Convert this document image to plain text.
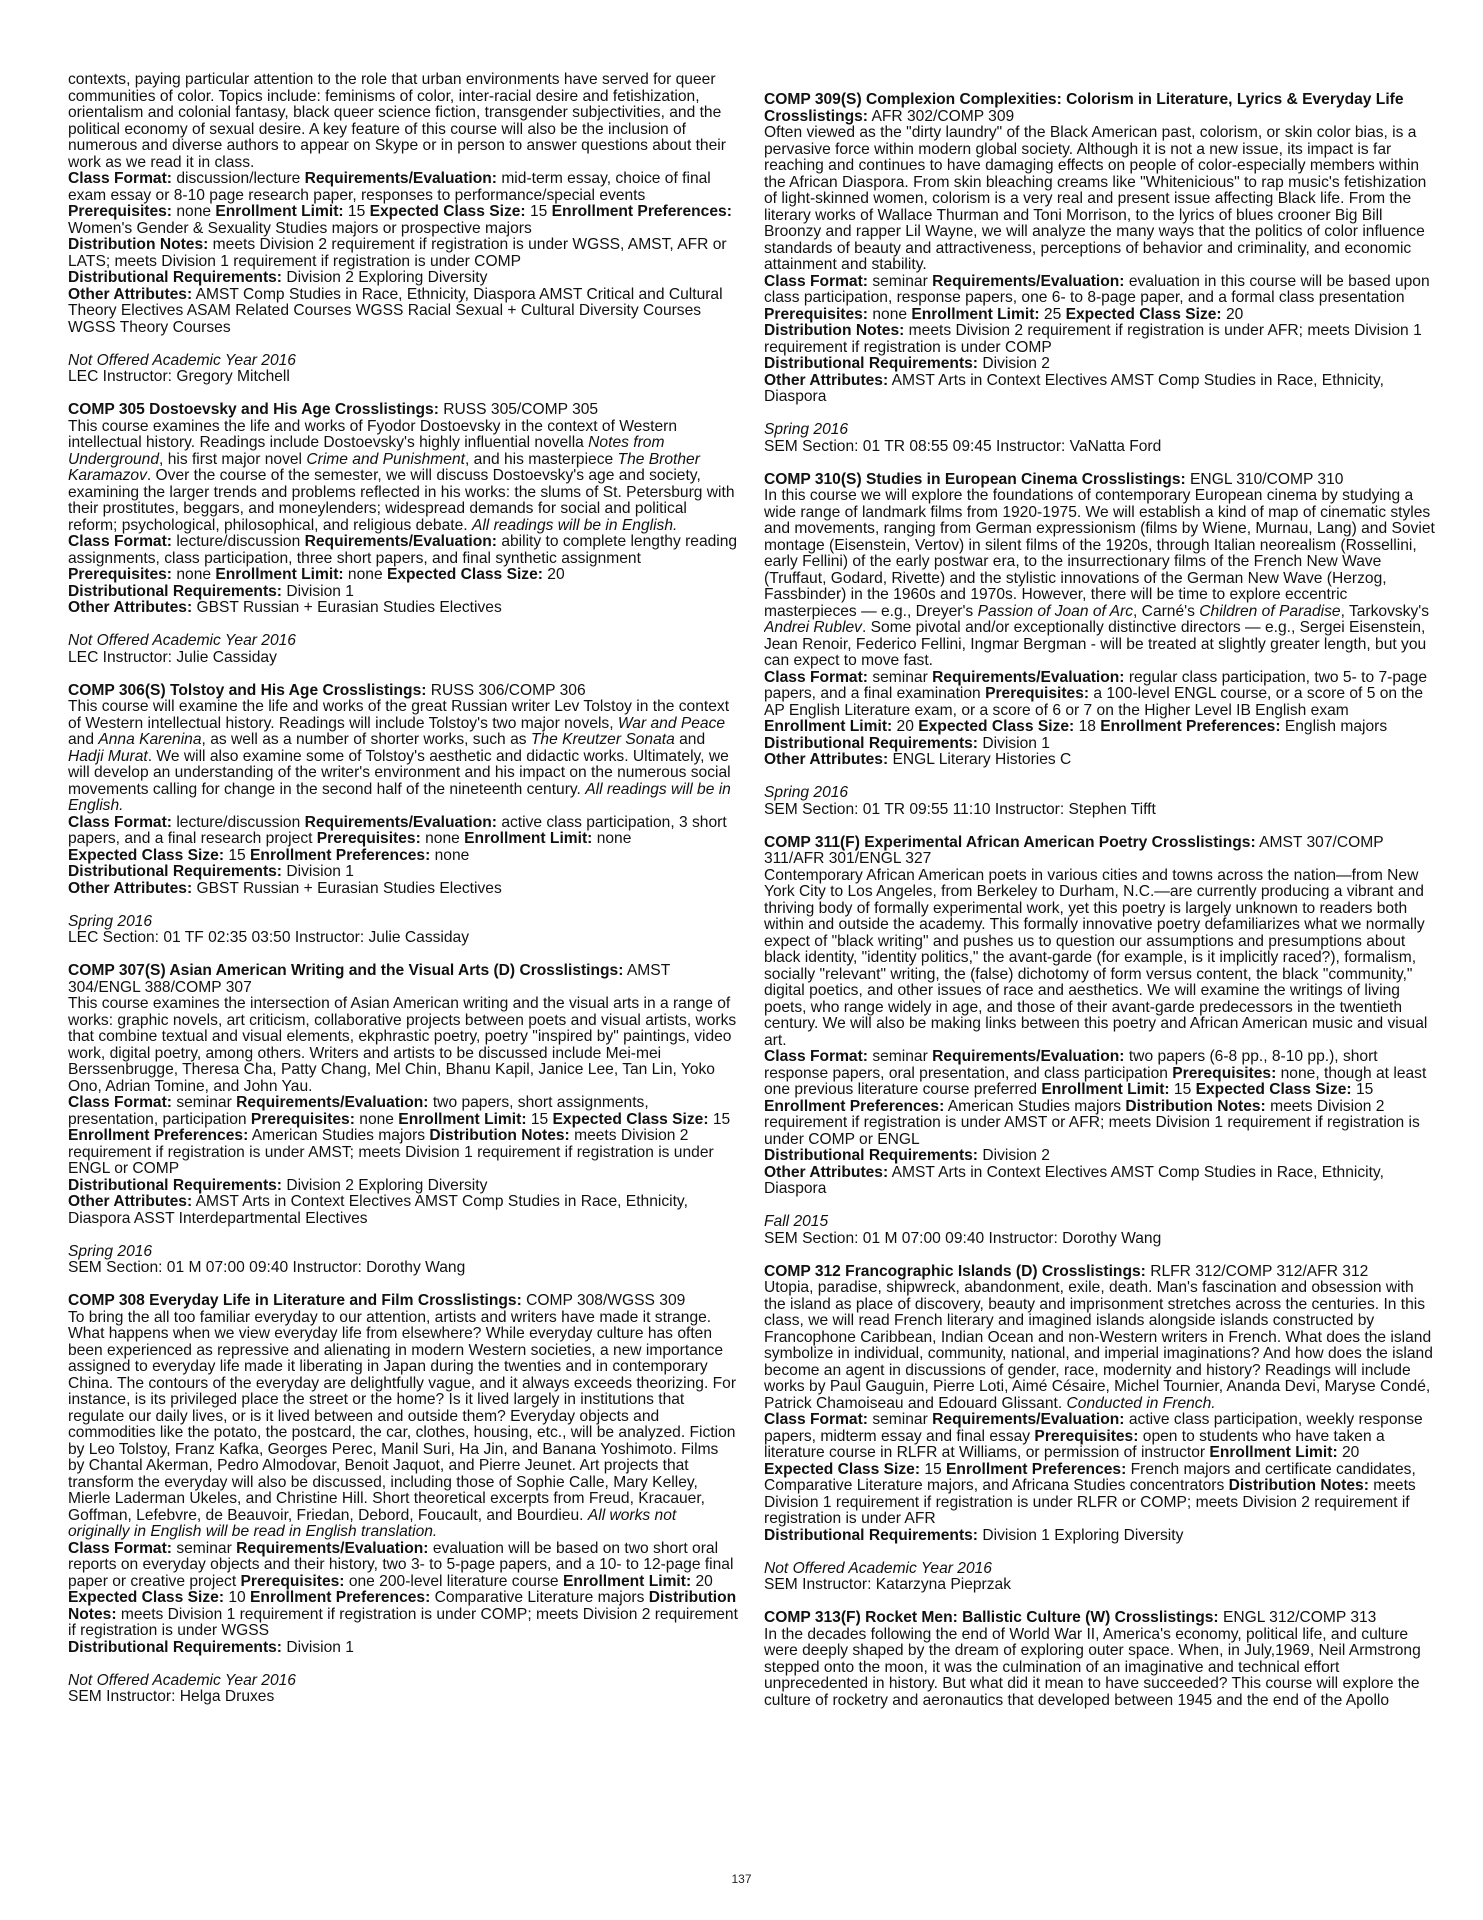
contexts, paying particular attention to the role that urban environments have served for queer communities of color. Topics include: feminisms of color, inter-racial desire and fetishization, orientalism and colonial fantasy, black queer science fiction, transgender subjectivities, and the political economy of sexual desire. A key feature of this course will also be the inclusion of numerous and diverse authors to appear on Skype or in person to answer questions about their work as we read it in class.
Class Format: discussion/lecture Requirements/Evaluation: mid-term essay, choice of final exam essay or 8-10 page research paper, responses to performance/special events
Prerequisites: none Enrollment Limit: 15 Expected Class Size: 15 Enrollment Preferences: Women's Gender & Sexuality Studies majors or prospective majors
Distribution Notes: meets Division 2 requirement if registration is under WGSS, AMST, AFR or LATS; meets Division 1 requirement if registration is under COMP
Distributional Requirements: Division 2 Exploring Diversity
Other Attributes: AMST Comp Studies in Race, Ethnicity, Diaspora AMST Critical and Cultural Theory Electives ASAM Related Courses WGSS Racial Sexual + Cultural Diversity Courses WGSS Theory Courses

Not Offered Academic Year 2016
LEC Instructor: Gregory Mitchell

COMP 305 Dostoevsky and His Age Crosslistings: RUSS 305/COMP 305
This course examines the life and works of Fyodor Dostoevsky in the context of Western intellectual history. Readings include Dostoevsky's highly influential novella Notes from Underground, his first major novel Crime and Punishment, and his masterpiece The Brother Karamazov. Over the course of the semester, we will discuss Dostoevsky's age and society, examining the larger trends and problems reflected in his works: the slums of St. Petersburg with their prostitutes, beggars, and moneylenders; widespread demands for social and political reform; psychological, philosophical, and religious debate. All readings will be in English.
Class Format: lecture/discussion Requirements/Evaluation: ability to complete lengthy reading assignments, class participation, three short papers, and final synthetic assignment
Prerequisites: none Enrollment Limit: none Expected Class Size: 20
Distributional Requirements: Division 1
Other Attributes: GBST Russian + Eurasian Studies Electives

Not Offered Academic Year 2016
LEC Instructor: Julie Cassiday

COMP 306(S) Tolstoy and His Age Crosslistings: RUSS 306/COMP 306
This course will examine the life and works of the great Russian writer Lev Tolstoy in the context of Western intellectual history. Readings will include Tolstoy's two major novels, War and Peace and Anna Karenina, as well as a number of shorter works, such as The Kreutzer Sonata and Hadji Murat. We will also examine some of Tolstoy's aesthetic and didactic works. Ultimately, we will develop an understanding of the writer's environment and his impact on the numerous social movements calling for change in the second half of the nineteenth century. All readings will be in English.
Class Format: lecture/discussion Requirements/Evaluation: active class participation, 3 short papers, and a final research project Prerequisites: none Enrollment Limit: none
Expected Class Size: 15 Enrollment Preferences: none
Distributional Requirements: Division 1
Other Attributes: GBST Russian + Eurasian Studies Electives

Spring 2016
LEC Section: 01 TF 02:35 03:50 Instructor: Julie Cassiday

COMP 307(S) Asian American Writing and the Visual Arts (D) Crosslistings: AMST 304/ENGL 388/COMP 307
This course examines the intersection of Asian American writing and the visual arts in a range of works: graphic novels, art criticism, collaborative projects between poets and visual artists, works that combine textual and visual elements, ekphrastic poetry, poetry "inspired by" paintings, video work, digital poetry, among others. Writers and artists to be discussed include Mei-mei Berssenbrugge, Theresa Cha, Patty Chang, Mel Chin, Bhanu Kapil, Janice Lee, Tan Lin, Yoko Ono, Adrian Tomine, and John Yau.
Class Format: seminar Requirements/Evaluation: two papers, short assignments, presentation, participation Prerequisites: none Enrollment Limit: 15 Expected Class Size: 15 Enrollment Preferences: American Studies majors Distribution Notes: meets Division 2 requirement if registration is under AMST; meets Division 1 requirement if registration is under ENGL or COMP
Distributional Requirements: Division 2 Exploring Diversity
Other Attributes: AMST Arts in Context Electives AMST Comp Studies in Race, Ethnicity, Diaspora ASST Interdepartmental Electives

Spring 2016
SEM Section: 01 M 07:00 09:40 Instructor: Dorothy Wang

COMP 308 Everyday Life in Literature and Film Crosslistings: COMP 308/WGSS 309
To bring the all too familiar everyday to our attention, artists and writers have made it strange. What happens when we view everyday life from elsewhere? While everyday culture has often been experienced as repressive and alienating in modern Western societies, a new importance assigned to everyday life made it liberating in Japan during the twenties and in contemporary China. The contours of the everyday are delightfully vague, and it always exceeds theorizing. For instance, is its privileged place the street or the home? Is it lived largely in institutions that regulate our daily lives, or is it lived between and outside them? Everyday objects and commodities like the potato, the postcard, the car, clothes, housing, etc., will be analyzed. Fiction by Leo Tolstoy, Franz Kafka, Georges Perec, Manil Suri, Ha Jin, and Banana Yoshimoto. Films by Chantal Akerman, Pedro Almodovar, Benoit Jaquot, and Pierre Jeunet. Art projects that transform the everyday will also be discussed, including those of Sophie Calle, Mary Kelley, Mierle Laderman Ukeles, and Christine Hill. Short theoretical excerpts from Freud, Kracauer, Goffman, Lefebvre, de Beauvoir, Friedan, Debord, Foucault, and Bourdieu. All works not originally in English will be read in English translation.
Class Format: seminar Requirements/Evaluation: evaluation will be based on two short oral reports on everyday objects and their history, two 3- to 5-page papers, and a 10- to 12-page final paper or creative project Prerequisites: one 200-level literature course Enrollment Limit: 20 Expected Class Size: 10 Enrollment Preferences: Comparative Literature majors Distribution Notes: meets Division 1 requirement if registration is under COMP; meets Division 2 requirement if registration is under WGSS
Distributional Requirements: Division 1

Not Offered Academic Year 2016
SEM Instructor: Helga Druxes

COMP 309(S) Complexion Complexities: Colorism in Literature, Lyrics & Everyday Life
Crosslistings: AFR 302/COMP 309
Often viewed as the "dirty laundry" of the Black American past, colorism, or skin color bias, is a pervasive force within modern global society. Although it is not a new issue, its impact is far reaching and continues to have damaging effects on people of color-especially members within the African Diaspora. From skin bleaching creams like "Whitenicious" to rap music's fetishization of light-skinned women, colorism is a very real and present issue affecting Black life. From the literary works of Wallace Thurman and Toni Morrison, to the lyrics of blues crooner Big Bill Broonzy and rapper Lil Wayne, we will analyze the many ways that the politics of color influence standards of beauty and attractiveness, perceptions of behavior and criminality, and economic attainment and stability.
Class Format: seminar Requirements/Evaluation: evaluation in this course will be based upon class participation, response papers, one 6- to 8-page paper, and a formal class presentation Prerequisites: none Enrollment Limit: 25 Expected Class Size: 20
Distribution Notes: meets Division 2 requirement if registration is under AFR; meets Division 1 requirement if registration is under COMP
Distributional Requirements: Division 2
Other Attributes: AMST Arts in Context Electives AMST Comp Studies in Race, Ethnicity, Diaspora

Spring 2016
SEM Section: 01 TR 08:55 09:45 Instructor: VaNatta Ford

COMP 310(S) Studies in European Cinema Crosslistings: ENGL 310/COMP 310
In this course we will explore the foundations of contemporary European cinema by studying a wide range of landmark films from 1920-1975. We will establish a kind of map of cinematic styles and movements, ranging from German expressionism (films by Wiene, Murnau, Lang) and Soviet montage (Eisenstein, Vertov) in silent films of the 1920s, through Italian neorealism (Rossellini, early Fellini) of the early postwar era, to the insurrectionary films of the French New Wave (Truffaut, Godard, Rivette) and the stylistic innovations of the German New Wave (Herzog, Fassbinder) in the 1960s and 1970s. However, there will be time to explore eccentric masterpieces — e.g., Dreyer's Passion of Joan of Arc, Carné's Children of Paradise, Tarkovsky's Andrei Rublev. Some pivotal and/or exceptionally distinctive directors — e.g., Sergei Eisenstein, Jean Renoir, Federico Fellini, Ingmar Bergman - will be treated at slightly greater length, but you can expect to move fast.
Class Format: seminar Requirements/Evaluation: regular class participation, two 5- to 7-page papers, and a final examination Prerequisites: a 100-level ENGL course, or a score of 5 on the AP English Literature exam, or a score of 6 or 7 on the Higher Level IB English exam
Enrollment Limit: 20 Expected Class Size: 18 Enrollment Preferences: English majors
Distributional Requirements: Division 1
Other Attributes: ENGL Literary Histories C

Spring 2016
SEM Section: 01 TR 09:55 11:10 Instructor: Stephen Tifft

COMP 311(F) Experimental African American Poetry Crosslistings: AMST 307/COMP 311/AFR 301/ENGL 327
Contemporary African American poets in various cities and towns across the nation—from New York City to Los Angeles, from Berkeley to Durham, N.C.—are currently producing a vibrant and thriving body of formally experimental work, yet this poetry is largely unknown to readers both within and outside the academy. This formally innovative poetry defamiliarizes what we normally expect of "black writing" and pushes us to question our assumptions and presumptions about black identity, "identity politics," the avant-garde (for example, is it implicitly raced?), formalism, socially "relevant" writing, the (false) dichotomy of form versus content, the black "community," digital poetics, and other issues of race and aesthetics. We will examine the writings of living poets, who range widely in age, and those of their avant-garde predecessors in the twentieth century. We will also be making links between this poetry and African American music and visual art.
Class Format: seminar Requirements/Evaluation: two papers (6-8 pp., 8-10 pp.), short response papers, oral presentation, and class participation Prerequisites: none, though at least one previous literature course preferred Enrollment Limit: 15 Expected Class Size: 15 Enrollment Preferences: American Studies majors Distribution Notes: meets Division 2 requirement if registration is under AMST or AFR; meets Division 1 requirement if registration is under COMP or ENGL
Distributional Requirements: Division 2
Other Attributes: AMST Arts in Context Electives AMST Comp Studies in Race, Ethnicity, Diaspora

Fall 2015
SEM Section: 01 M 07:00 09:40 Instructor: Dorothy Wang

COMP 312 Francographic Islands (D) Crosslistings: RLFR 312/COMP 312/AFR 312
Utopia, paradise, shipwreck, abandonment, exile, death. Man's fascination and obsession with the island as place of discovery, beauty and imprisonment stretches across the centuries. In this class, we will read French literary and imagined islands alongside islands constructed by Francophone Caribbean, Indian Ocean and non-Western writers in French. What does the island symbolize in individual, community, national, and imperial imaginations? And how does the island become an agent in discussions of gender, race, modernity and history? Readings will include works by Paul Gauguin, Pierre Loti, Aimé Césaire, Michel Tournier, Ananda Devi, Maryse Condé, Patrick Chamoiseau and Edouard Glissant. Conducted in French.
Class Format: seminar Requirements/Evaluation: active class participation, weekly response papers, midterm essay and final essay Prerequisites: open to students who have taken a literature course in RLFR at Williams, or permission of instructor Enrollment Limit: 20
Expected Class Size: 15 Enrollment Preferences: French majors and certificate candidates, Comparative Literature majors, and Africana Studies concentrators Distribution Notes: meets Division 1 requirement if registration is under RLFR or COMP; meets Division 2 requirement if registration is under AFR
Distributional Requirements: Division 1 Exploring Diversity

Not Offered Academic Year 2016
SEM Instructor: Katarzyna Pieprzak

COMP 313(F) Rocket Men: Ballistic Culture (W) Crosslistings: ENGL 312/COMP 313
In the decades following the end of World War II, America's economy, political life, and culture were deeply shaped by the dream of exploring outer space. When, in July,1969, Neil Armstrong stepped onto the moon, it was the culmination of an imaginative and technical effort unprecedented in history. But what did it mean to have succeeded? This course will explore the culture of rocketry and aeronautics that developed between 1945 and the end of the Apollo

137
